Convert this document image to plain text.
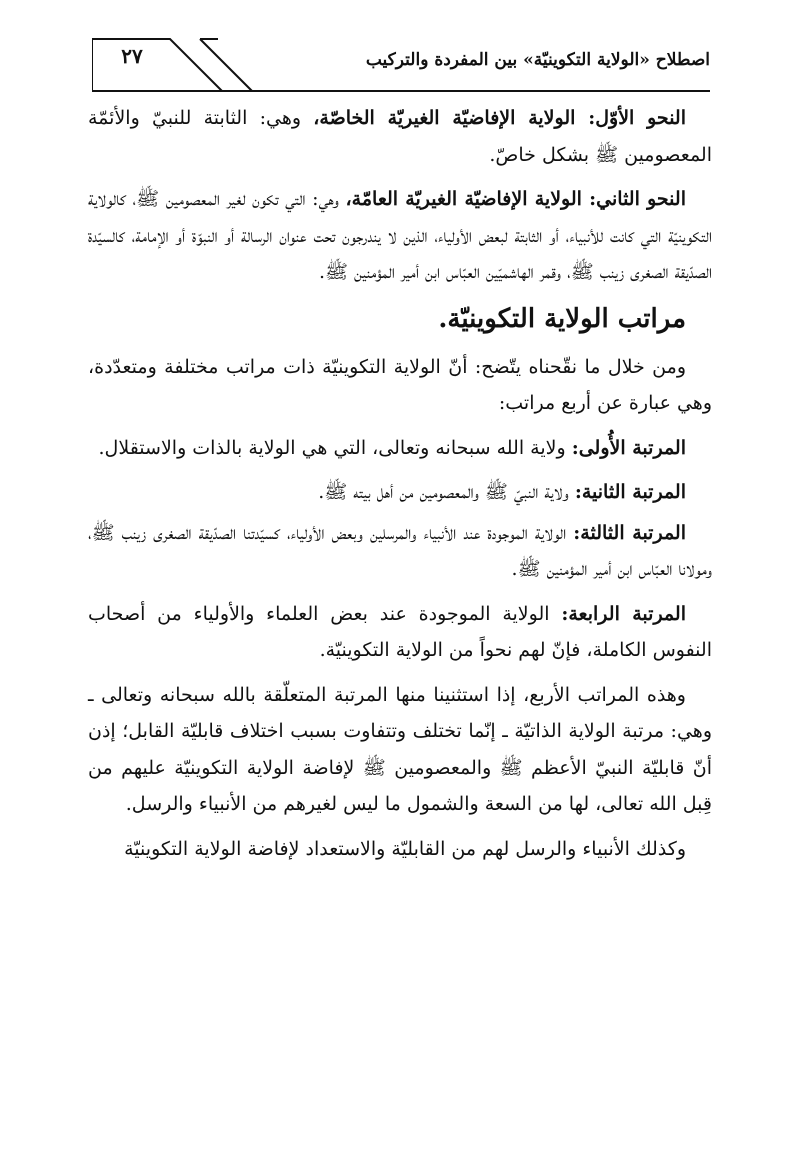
اصطلاح «الولاية التكوينيّة» بين المفردة والتركيب
٢٧

النحو الأوّل: الولاية الإفاضيّة الغيريّة الخاصّة، وهي: الثابتة للنبيّ والأئمّة المعصومين ﷺ بشكل خاصّ.

النحو الثاني: الولاية الإفاضيّة الغيريّة العامّة، وهي: التي تكون لغير المعصومين ﷺ، كالولاية التكوينيّة التي كانت للأنبياء، أو الثابتة لبعض الأولياء، الذين لا يندرجون تحت عنوان الرسالة أو النبوّة أو الإمامة، كالسيّدة الصدّيقة الصغرى زينب ﷺ، وقمر الهاشميّين العبّاس ابن أمير المؤمنين ﷺ.

مراتب الولاية التكوينيّة.

ومن خلال ما نقّحناه يتّضح: أنّ الولاية التكوينيّة ذات مراتب مختلفة ومتعدّدة، وهي عبارة عن أربع مراتب:

المرتبة الأُولى: ولاية الله سبحانه وتعالى، التي هي الولاية بالذات والاستقلال.

المرتبة الثانية: ولاية النبيّ ﷺ والمعصومين من أهل بيته ﷺ.

المرتبة الثالثة: الولاية الموجودة عند الأنبياء والمرسلين وبعض الأولياء، كسيّدتنا الصدّيقة الصغرى زينب ﷺ، ومولانا العبّاس ابن أمير المؤمنين ﷺ.

المرتبة الرابعة: الولاية الموجودة عند بعض العلماء والأولياء من أصحاب النفوس الكاملة، فإنّ لهم نحواً من الولاية التكوينيّة.

وهذه المراتب الأربع، إذا استثنينا منها المرتبة المتعلّقة بالله سبحانه وتعالى ـ وهي: مرتبة الولاية الذاتيّة ـ إنّما تختلف وتتفاوت بسبب اختلاف قابليّة القابل؛ إذن أنّ قابليّة النبيّ الأعظم ﷺ والمعصومين ﷺ لإفاضة الولاية التكوينيّة عليهم من قِبل الله تعالى، لها من السعة والشمول ما ليس لغيرهم من الأنبياء والرسل.

وكذلك الأنبياء والرسل لهم من القابليّة والاستعداد لإفاضة الولاية التكوينيّة
